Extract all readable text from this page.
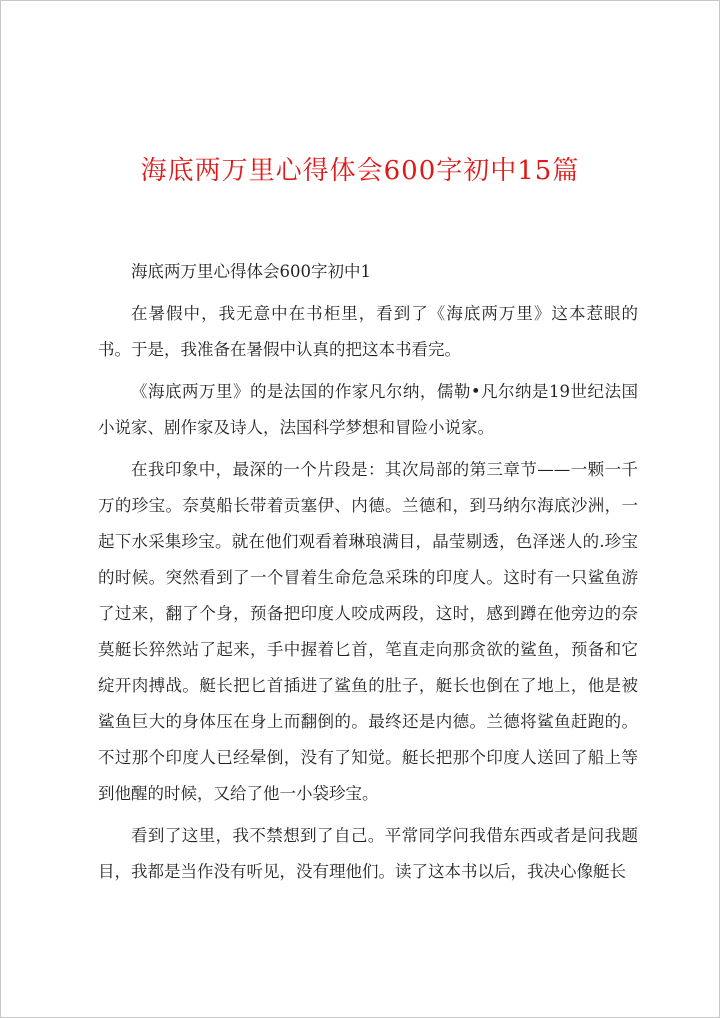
海底两万里心得体会600字初中15篇

海底两万里心得体会600字初中1

在暑假中，我无意中在书柜里，看到了《海底两万里》这本惹眼的书。于是，我准备在暑假中认真的把这本书看完。

《海底两万里》的是法国的作家凡尔纳，儒勒•凡尔纳是19世纪法国小说家、剧作家及诗人，法国科学梦想和冒险小说家。

在我印象中，最深的一个片段是：其次局部的第三章节——一颗一千万的珍宝。奈莫船长带着贡塞伊、内德。兰德和，到马纳尔海底沙洲，一起下水采集珍宝。就在他们观看着琳琅满目，晶莹剔透，色泽迷人的.珍宝的时候。突然看到了一个冒着生命危急采珠的印度人。这时有一只鲨鱼游了过来，翻了个身，预备把印度人咬成两段，这时，感到蹲在他旁边的奈莫艇长猝然站了起来，手中握着匕首，笔直走向那贪欲的鲨鱼，预备和它绽开肉搏战。艇长把匕首插进了鲨鱼的肚子，艇长也倒在了地上，他是被鲨鱼巨大的身体压在身上而翻倒的。最终还是内德。兰德将鲨鱼赶跑的。不过那个印度人已经晕倒，没有了知觉。艇长把那个印度人送回了船上等到他醒的时候，又给了他一小袋珍宝。

看到了这里，我不禁想到了自己。平常同学问我借东西或者是问我题目，我都是当作没有听见，没有理他们。读了这本书以后，我决心像艇长
